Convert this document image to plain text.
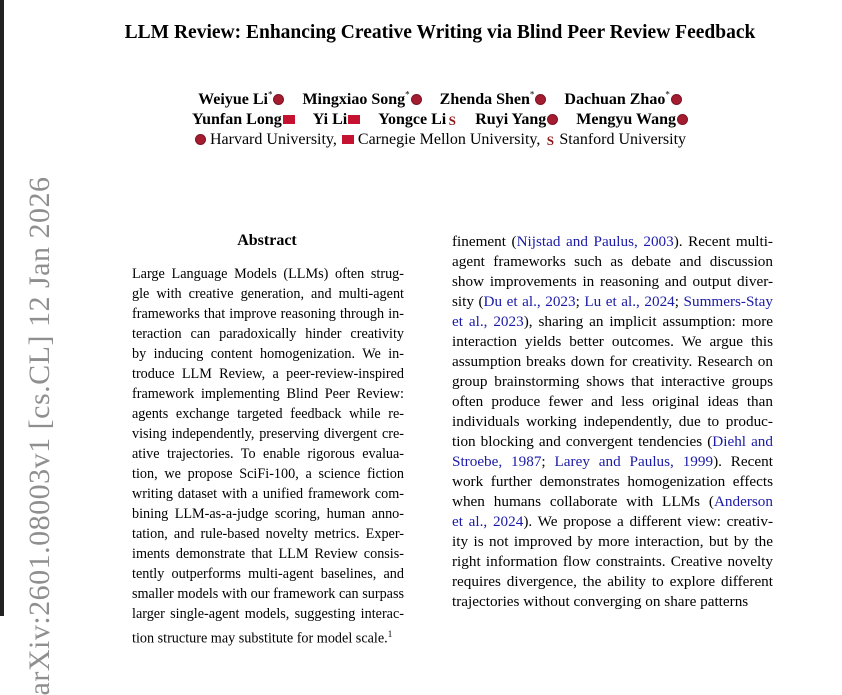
arXiv:2601.08003v1 [cs.CL] 12 Jan 2026
LLM Review: Enhancing Creative Writing via Blind Peer Review Feedback
Weiyue Li* Mingxiao Song* Zhenda Shen* Dachuan Zhao*
Yunfan Long Yi Li Yongce Li S Ruyi Yang Mengyu Wang
Harvard University,  Carnegie Mellon University, S Stanford University
Abstract
Large Language Models (LLMs) often strug-
gle with creative generation, and multi-agent
frameworks that improve reasoning through in-
teraction can paradoxically hinder creativity
by inducing content homogenization. We in-
troduce LLM Review, a peer-review-inspired
framework implementing Blind Peer Review:
agents exchange targeted feedback while re-
vising independently, preserving divergent cre-
ative trajectories. To enable rigorous evalua-
tion, we propose SciFi-100, a science fiction
writing dataset with a unified framework com-
bining LLM-as-a-judge scoring, human anno-
tation, and rule-based novelty metrics. Exper-
iments demonstrate that LLM Review consis-
tently outperforms multi-agent baselines, and
smaller models with our framework can surpass
larger single-agent models, suggesting interac-
tion structure may substitute for model scale.$^1$
finement (Nijstad and Paulus, 2003). Recent multi-
agent frameworks such as debate and discussion
show improvements in reasoning and output diver-
sity (Du et al., 2023; Lu et al., 2024; Summers-Stay
et al., 2023), sharing an implicit assumption: more
interaction yields better outcomes. We argue this
assumption breaks down for creativity. Research on
group brainstorming shows that interactive groups
often produce fewer and less original ideas than
individuals working independently, due to produc-
tion blocking and convergent tendencies (Diehl and
Stroebe, 1987; Larey and Paulus, 1999). Recent
work further demonstrates homogenization effects
when humans collaborate with LLMs (Anderson
et al., 2024). We propose a different view: creativ-
ity is not improved by more interaction, but by the
right information flow constraints. Creative novelty
requires divergence, the ability to explore different
trajectories without converging on share patterns
